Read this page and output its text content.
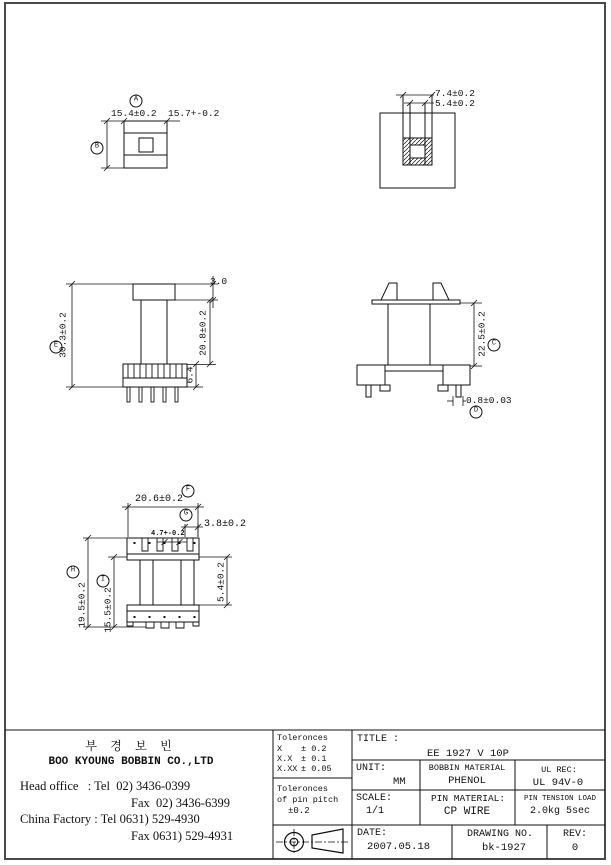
A
15.4±0.2 15.7+-0.2
B
7.4±0.2
5.4±0.2
3.0
30.3±0.2
E	20.8±0.2
6.4
22.5±0.2 C
0.8±0.03
D
F
20.6±0.2
4.7+-0.2
G
3.8±0.2
H
19.5±0.2
I
15.5±0.2
5.4±0.2
부 경 보 빈
BOO KYOUNG BOBBIN CO.,LTD
Head office   : Tel  02) 3436-0399
Fax  02) 3436-6399
China Factory : Tel 0631) 529-4930
Fax 0631) 529-4931
Toleronces
X ± 0.2
X.X ± 0.1
X.XX ± 0.05
Toleronces
of pin pitch
±0.2
TITLE :
EE 1927 V 10P
UNIT:
MM
BOBBIN MATERIAL
PHENOL
UL REC:
UL 94V-0
SCALE:
1/1
PIN MATERIAL:
CP WIRE
PIN TENSION LOAD
2.0kg 5sec
DATE:
2007.05.18
DRAWING NO.
bk-1927
REV:
0
